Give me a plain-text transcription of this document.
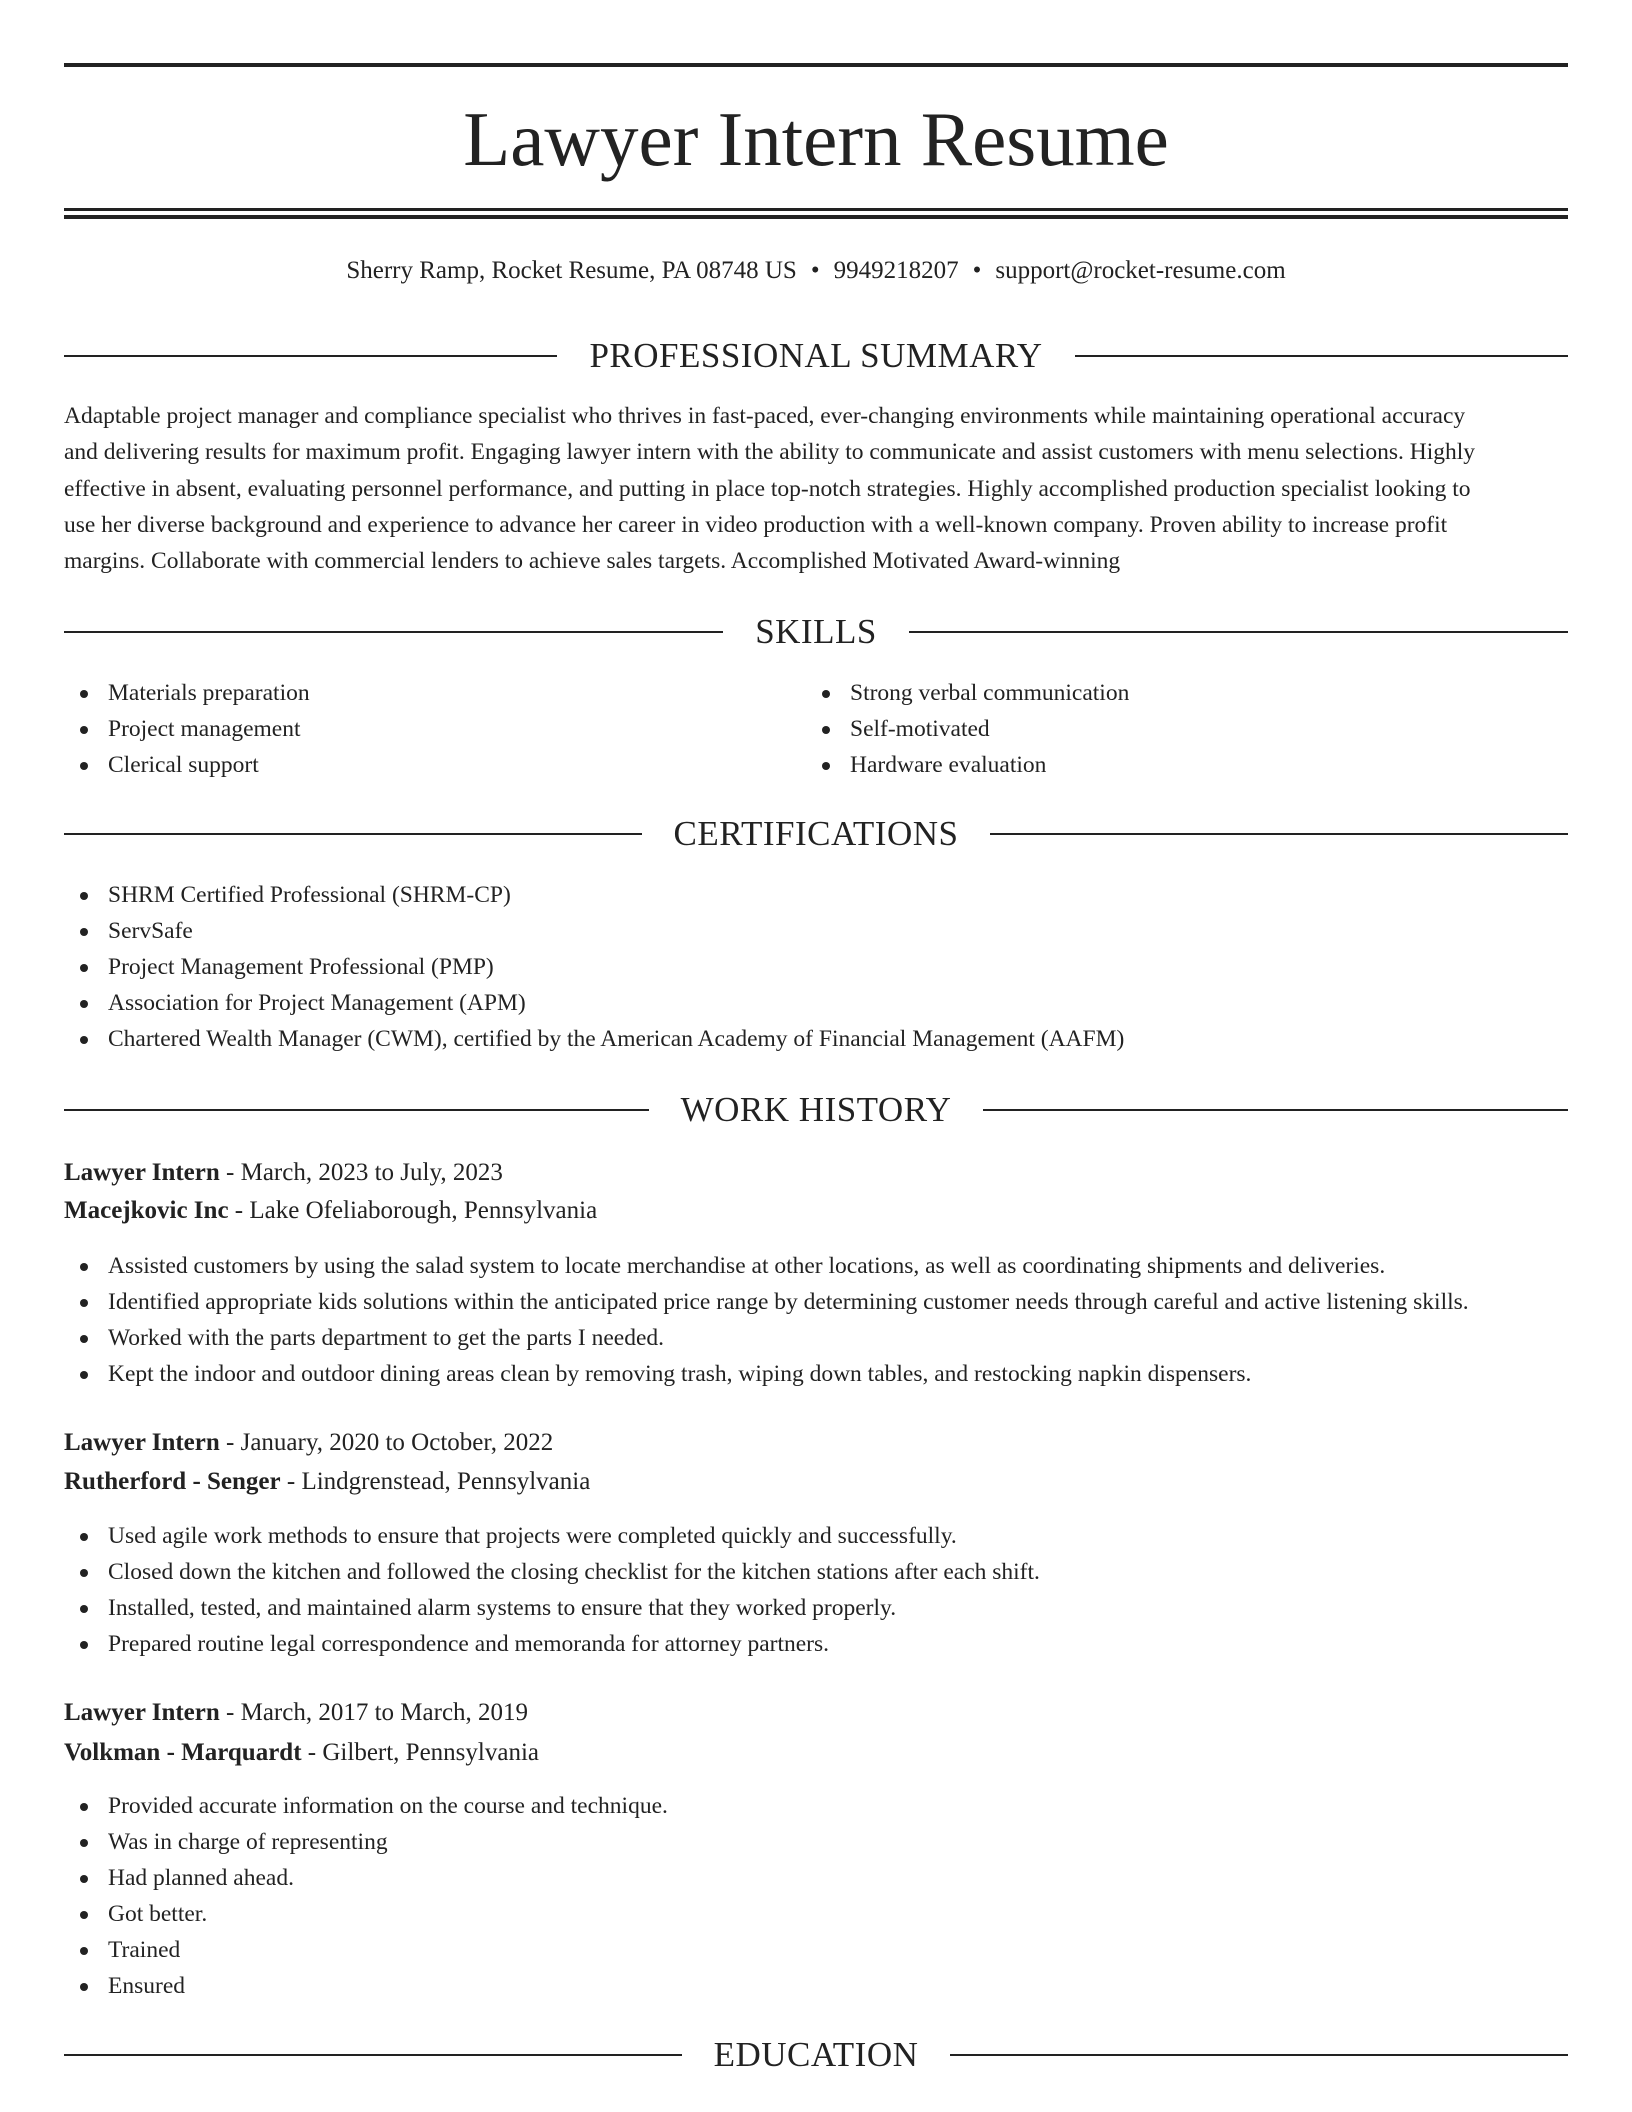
Lawyer Intern Resume
Sherry Ramp, Rocket Resume, PA 08748 US • 9949218207 • support@rocket-resume.com
PROFESSIONAL SUMMARY
Adaptable project manager and compliance specialist who thrives in fast-paced, ever-changing environments while maintaining operational accuracy
and delivering results for maximum profit. Engaging lawyer intern with the ability to communicate and assist customers with menu selections. Highly
effective in absent, evaluating personnel performance, and putting in place top-notch strategies. Highly accomplished production specialist looking to
use her diverse background and experience to advance her career in video production with a well-known company. Proven ability to increase profit
margins. Collaborate with commercial lenders to achieve sales targets. Accomplished Motivated Award-winning
SKILLS
Materials preparation
Project management
Clerical support
Strong verbal communication
Self-motivated
Hardware evaluation
CERTIFICATIONS
SHRM Certified Professional (SHRM-CP)
ServSafe
Project Management Professional (PMP)
Association for Project Management (APM)
Chartered Wealth Manager (CWM), certified by the American Academy of Financial Management (AAFM)
WORK HISTORY
Lawyer Intern - March, 2023 to July, 2023
Macejkovic Inc - Lake Ofeliaborough, Pennsylvania
Assisted customers by using the salad system to locate merchandise at other locations, as well as coordinating shipments and deliveries.
Identified appropriate kids solutions within the anticipated price range by determining customer needs through careful and active listening skills.
Worked with the parts department to get the parts I needed.
Kept the indoor and outdoor dining areas clean by removing trash, wiping down tables, and restocking napkin dispensers.
Lawyer Intern - January, 2020 to October, 2022
Rutherford - Senger - Lindgrenstead, Pennsylvania
Used agile work methods to ensure that projects were completed quickly and successfully.
Closed down the kitchen and followed the closing checklist for the kitchen stations after each shift.
Installed, tested, and maintained alarm systems to ensure that they worked properly.
Prepared routine legal correspondence and memoranda for attorney partners.
Lawyer Intern - March, 2017 to March, 2019
Volkman - Marquardt - Gilbert, Pennsylvania
Provided accurate information on the course and technique.
Was in charge of representing
Had planned ahead.
Got better.
Trained
Ensured
EDUCATION
